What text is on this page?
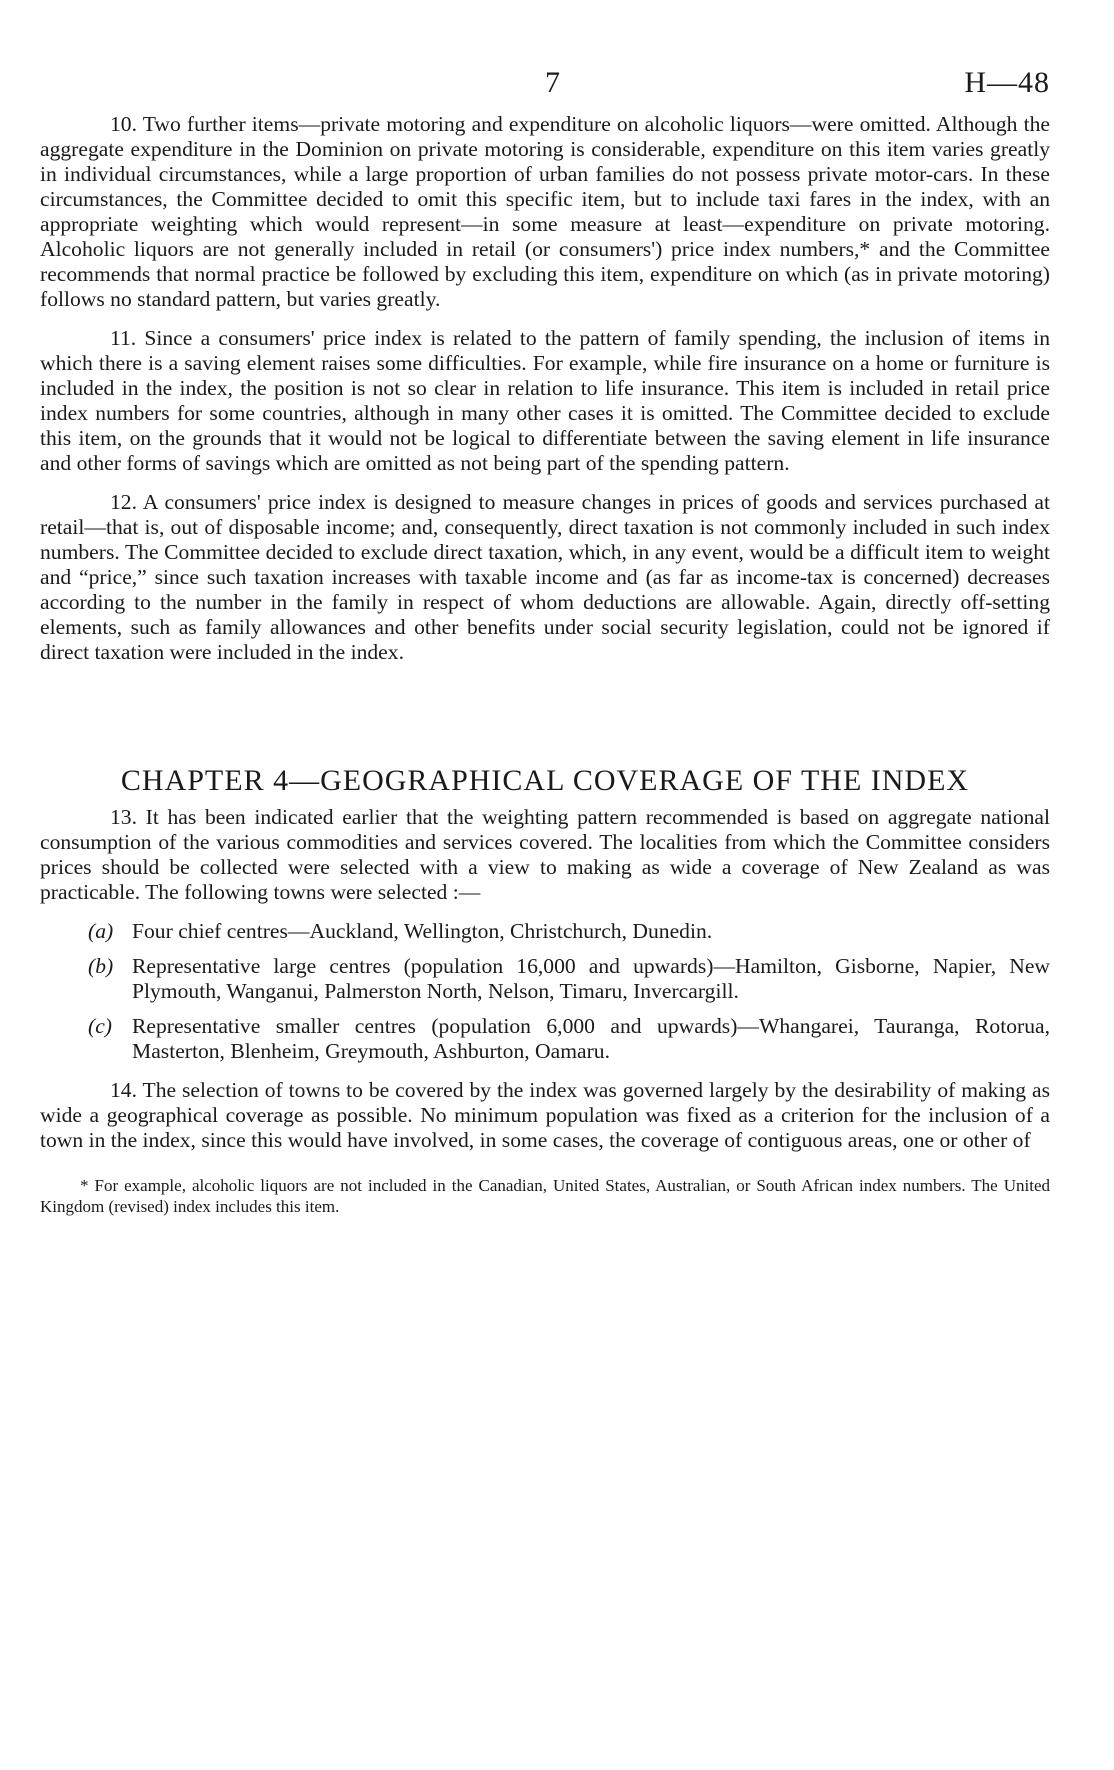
7	H—48

10. Two further items—private motoring and expenditure on alcoholic liquors—were omitted. Although the aggregate expenditure in the Dominion on private motoring is considerable, expenditure on this item varies greatly in individual circumstances, while a large proportion of urban families do not possess private motor-cars. In these circumstances, the Committee decided to omit this specific item, but to include taxi fares in the index, with an appropriate weighting which would represent—in some measure at least—expenditure on private motoring. Alcoholic liquors are not generally included in retail (or consumers') price index numbers,* and the Committee recommends that normal practice be followed by excluding this item, expenditure on which (as in private motoring) follows no standard pattern, but varies greatly.

11. Since a consumers' price index is related to the pattern of family spending, the inclusion of items in which there is a saving element raises some difficulties. For example, while fire insurance on a home or furniture is included in the index, the position is not so clear in relation to life insurance. This item is included in retail price index numbers for some countries, although in many other cases it is omitted. The Committee decided to exclude this item, on the grounds that it would not be logical to differentiate between the saving element in life insurance and other forms of savings which are omitted as not being part of the spending pattern.

12. A consumers' price index is designed to measure changes in prices of goods and services purchased at retail—that is, out of disposable income; and, consequently, direct taxation is not commonly included in such index numbers. The Committee decided to exclude direct taxation, which, in any event, would be a difficult item to weight and “price,” since such taxation increases with taxable income and (as far as income-tax is concerned) decreases according to the number in the family in respect of whom deductions are allowable. Again, directly off-setting elements, such as family allowances and other benefits under social security legislation, could not be ignored if direct taxation were included in the index.

CHAPTER 4—GEOGRAPHICAL COVERAGE OF THE INDEX

13. It has been indicated earlier that the weighting pattern recommended is based on aggregate national consumption of the various commodities and services covered. The localities from which the Committee considers prices should be collected were selected with a view to making as wide a coverage of New Zealand as was practicable. The following towns were selected :—

(a) Four chief centres—Auckland, Wellington, Christchurch, Dunedin.
(b) Representative large centres (population 16,000 and upwards)—Hamilton, Gisborne, Napier, New Plymouth, Wanganui, Palmerston North, Nelson, Timaru, Invercargill.
(c) Representative smaller centres (population 6,000 and upwards)—Whangarei, Tauranga, Rotorua, Masterton, Blenheim, Greymouth, Ashburton, Oamaru.

14. The selection of towns to be covered by the index was governed largely by the desirability of making as wide a geographical coverage as possible. No minimum population was fixed as a criterion for the inclusion of a town in the index, since this would have involved, in some cases, the coverage of contiguous areas, one or other of

* For example, alcoholic liquors are not included in the Canadian, United States, Australian, or South African index numbers. The United Kingdom (revised) index includes this item.
